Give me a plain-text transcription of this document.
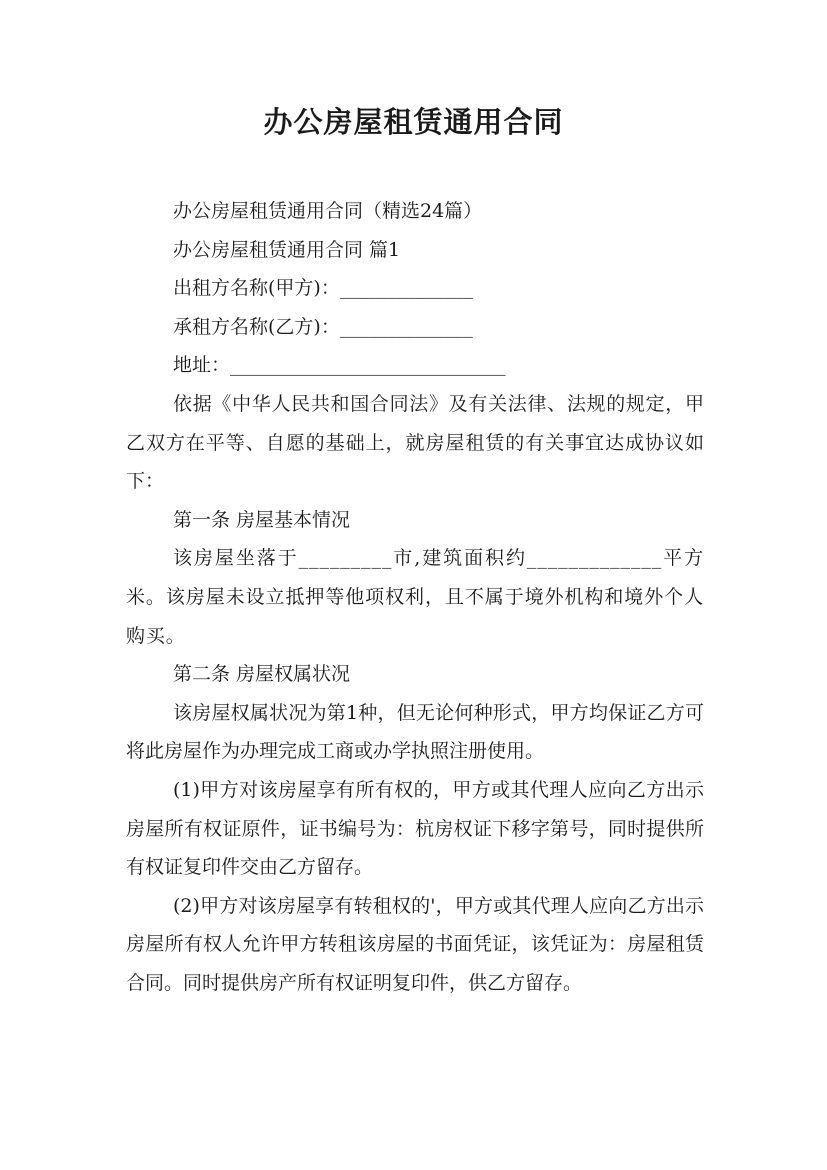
办公房屋租赁通用合同

办公房屋租赁通用合同（精选24篇）

办公房屋租赁通用合同 篇1

出租方名称(甲方)：______________

承租方名称(乙方)：______________

地址：_____________________________

依据《中华人民共和国合同法》及有关法律、法规的规定，甲乙双方在平等、自愿的基础上，就房屋租赁的有关事宜达成协议如下：

第一条 房屋基本情况

该房屋坐落于_________市,建筑面积约_____________平方米。该房屋未设立抵押等他项权利，且不属于境外机构和境外个人购买。

第二条 房屋权属状况

该房屋权属状况为第1种，但无论何种形式，甲方均保证乙方可将此房屋作为办理完成工商或办学执照注册使用。

(1)甲方对该房屋享有所有权的，甲方或其代理人应向乙方出示房屋所有权证原件，证书编号为：杭房权证下移字第号，同时提供所有权证复印件交由乙方留存。

(2)甲方对该房屋享有转租权的'，甲方或其代理人应向乙方出示房屋所有权人允许甲方转租该房屋的书面凭证，该凭证为：房屋租赁合同。同时提供房产所有权证明复印件，供乙方留存。
